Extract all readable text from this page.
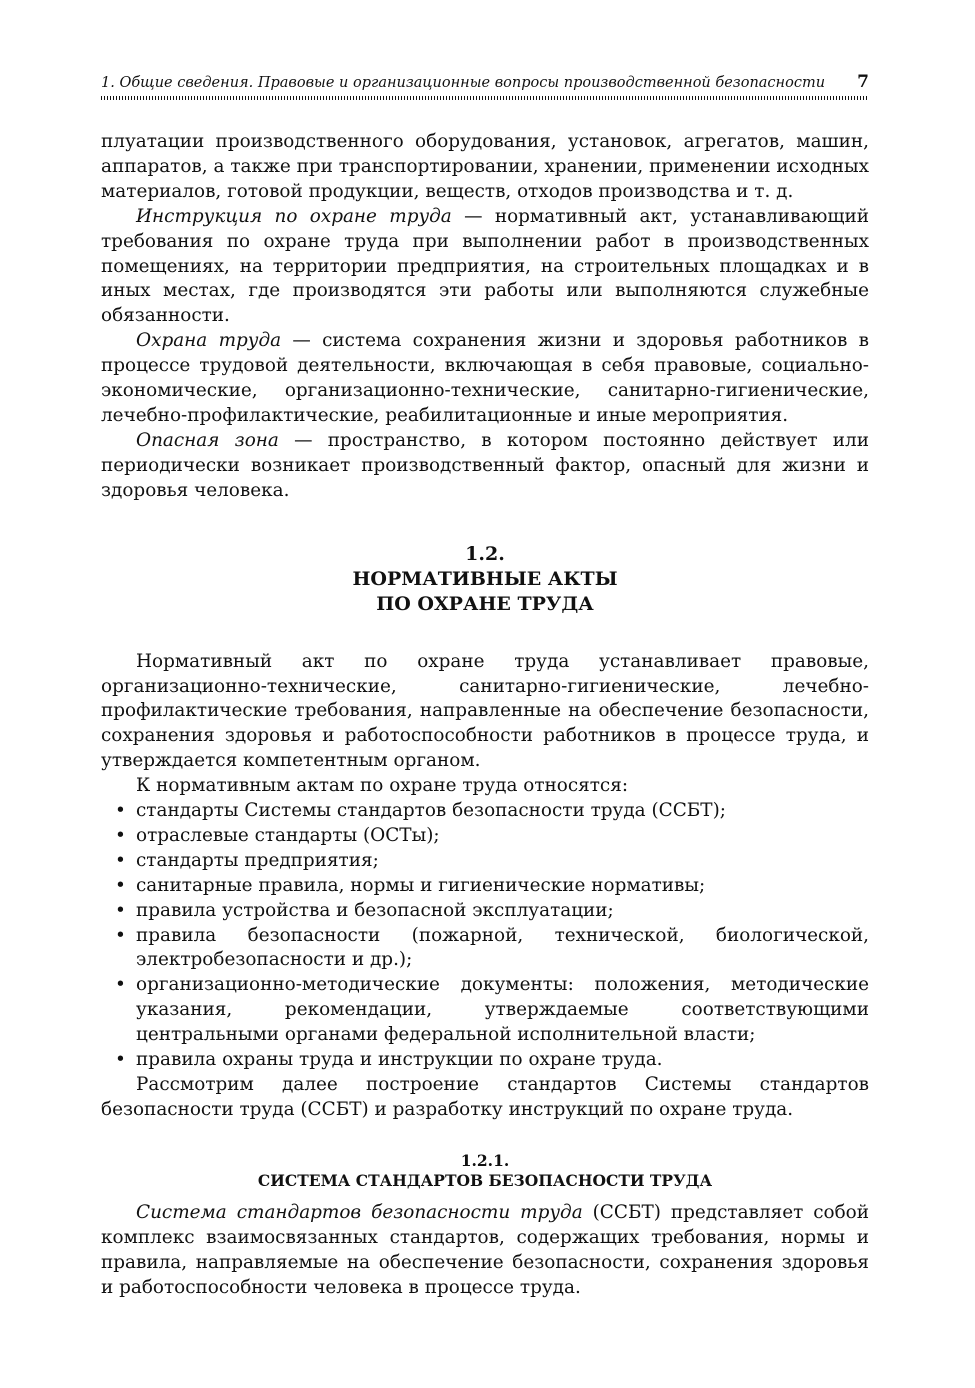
1. Общие сведения. Правовые и организационные вопросы производственной безопасности 7

плуатации производственного оборудования, установок, агрегатов, машин, аппаратов, а также при транспортировании, хранении, применении исходных материалов, готовой продукции, веществ, отходов производства и т. д.

Инструкция по охране труда — нормативный акт, устанавливающий требования по охране труда при выполнении работ в производственных помещениях, на территории предприятия, на строительных площадках и в иных местах, где производятся эти работы или выполняются служебные обязанности.

Охрана труда — система сохранения жизни и здоровья работников в процессе трудовой деятельности, включающая в себя правовые, социально-экономические, организационно-технические, санитарно-гигиенические, лечебно-профилактические, реабилитационные и иные мероприятия.

Опасная зона — пространство, в котором постоянно действует или периодически возникает производственный фактор, опасный для жизни и здоровья человека.

1.2.
НОРМАТИВНЫЕ АКТЫ
ПО ОХРАНЕ ТРУДА

Нормативный акт по охране труда устанавливает правовые, организационно-технические, санитарно-гигиенические, лечебно-профилактические требования, направленные на обеспечение безопасности, сохранения здоровья и работоспособности работников в процессе труда, и утверждается компетентным органом.

К нормативным актам по охране труда относятся:

• стандарты Системы стандартов безопасности труда (ССБТ);
• отраслевые стандарты (ОСТы);
• стандарты предприятия;
• санитарные правила, нормы и гигиенические нормативы;
• правила устройства и безопасной эксплуатации;
• правила безопасности (пожарной, технической, биологической, электробезопасности и др.);
• организационно-методические документы: положения, методические указания, рекомендации, утверждаемые соответствующими центральными органами федеральной исполнительной власти;
• правила охраны труда и инструкции по охране труда.

Рассмотрим далее построение стандартов Системы стандартов безопасности труда (ССБТ) и разработку инструкций по охране труда.

1.2.1.
СИСТЕМА СТАНДАРТОВ БЕЗОПАСНОСТИ ТРУДА

Система стандартов безопасности труда (ССБТ) представляет собой комплекс взаимосвязанных стандартов, содержащих требования, нормы и правила, направляемые на обеспечение безопасности, сохранения здоровья и работоспособности человека в процессе труда.
